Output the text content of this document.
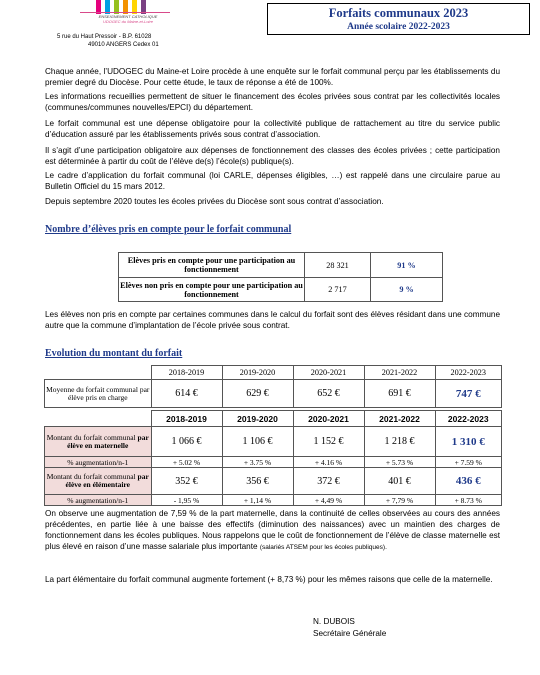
ENSEIGNEMENT CATHOLIQUE
UDOGEC du Maine-et-Loire
5 rue du Haut Pressoir - B.P. 61028
49010 ANGERS Cedex 01
Forfaits communaux 2023
Année scolaire 2022-2023
Chaque année, l’UDOGEC du Maine-et Loire procède à une enquête sur le forfait communal perçu par les établissements du premier degré du Diocèse. Pour cette étude, le taux de réponse a été de 100%.
Les informations recueillies permettent de situer le financement des écoles privées sous contrat par les collectivités locales (communes/communes nouvelles/EPCI) du département.
Le forfait communal est une dépense obligatoire pour la collectivité publique de rattachement au titre du service public d’éducation assuré par les établissements privés sous contrat d’association.
Il s’agit d’une participation obligatoire aux dépenses de fonctionnement des classes des écoles privées ; cette participation est déterminée à partir du coût de l’élève de(s) l’école(s) publique(s).
Le cadre d’application du forfait communal (loi CARLE, dépenses éligibles, …) est rappelé dans une circulaire parue au Bulletin Officiel du 15 mars 2012.
Depuis septembre 2020 toutes les écoles privées du Diocèse sont sous contrat d’association.
Nombre d’élèves pris en compte pour le forfait communal
Elèves pris en compte pour une participation au fonctionnement	28 321	91 %
Elèves non pris en compte pour une participation au fonctionnement	2 717	9 %
Les élèves non pris en compte par certaines communes dans le calcul du forfait sont des élèves résidant dans une commune autre que la commune d’implantation de l’école privée sous contrat.
Evolution du montant du forfait
	2018-2019	2019-2020	2020-2021	2021-2022	2022-2023
Moyenne du forfait communal par élève pris en charge	614 €	629 €	652 €	691 €	747 €
	2018-2019	2019-2020	2020-2021	2021-2022	2022-2023
Montant du forfait communal par élève en maternelle	1 066 €	1 106 €	1 152 €	1 218 €	1 310 €
% augmentation/n-1	+ 5.02 %	+ 3.75 %	+ 4.16 %	+ 5.73 %	+ 7.59 %
Montant du forfait communal par élève en élémentaire	352 €	356 €	372 €	401 €	436 €
% augmentation/n-1	- 1,95 %	+ 1,14 %	+ 4,49 %	+ 7,79 %	+ 8.73 %
On observe une augmentation de 7,59 % de la part maternelle, dans la continuité de celles observées au cours des années précédentes, en partie liée à une baisse des effectifs (diminution des naissances) avec un maintien des charges de fonctionnement dans les écoles publiques. Nous rappelons que le coût de fonctionnement de l’élève de classe maternelle est plus élevé en raison d’une masse salariale plus importante (salariés ATSEM pour les écoles publiques).
La part élémentaire du forfait communal augmente fortement (+ 8,73 %) pour les mêmes raisons que celle de la maternelle.
N. DUBOIS
Secrétaire Générale
